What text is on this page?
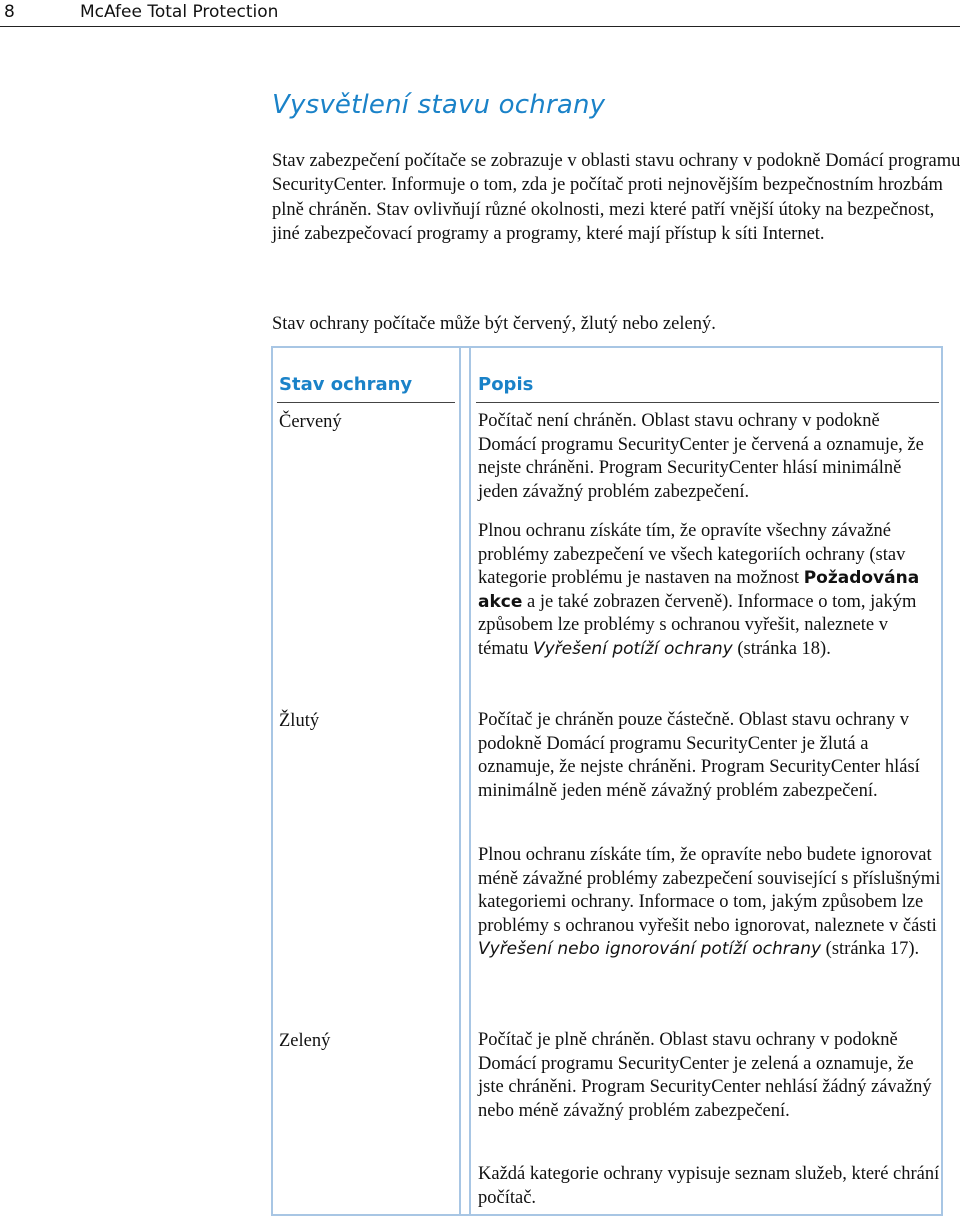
8	McAfee Total Protection
Vysvětlení stavu ochrany

Stav zabezpečení počítače se zobrazuje v oblasti stavu ochrany v podokně Domácí programu SecurityCenter. Informuje o tom, zda je počítač proti nejnovějším bezpečnostním hrozbám plně chráněn. Stav ovlivňují různé okolnosti, mezi které patří vnější útoky na bezpečnost, jiné zabezpečovací programy a programy, které mají přístup k síti Internet.

Stav ochrany počítače může být červený, žlutý nebo zelený.

Stav ochrany	Popis
Červený	Počítač není chráněn. Oblast stavu ochrany v podokně Domácí programu SecurityCenter je červená a oznamuje, že nejste chráněni. Program SecurityCenter hlásí minimálně jeden závažný problém zabezpečení.

Plnou ochranu získáte tím, že opravíte všechny závažné problémy zabezpečení ve všech kategoriích ochrany (stav kategorie problému je nastaven na možnost Požadována akce a je také zobrazen červeně). Informace o tom, jakým způsobem lze problémy s ochranou vyřešit, naleznete v tématu Vyřešení potíží ochrany (stránka 18).

Žlutý	Počítač je chráněn pouze částečně. Oblast stavu ochrany v podokně Domácí programu SecurityCenter je žlutá a oznamuje, že nejste chráněni. Program SecurityCenter hlásí minimálně jeden méně závažný problém zabezpečení.

Plnou ochranu získáte tím, že opravíte nebo budete ignorovat méně závažné problémy zabezpečení související s příslušnými kategoriemi ochrany. Informace o tom, jakým způsobem lze problémy s ochranou vyřešit nebo ignorovat, naleznete v části Vyřešení nebo ignorování potíží ochrany (stránka 17).

Zelený	Počítač je plně chráněn. Oblast stavu ochrany v podokně Domácí programu SecurityCenter je zelená a oznamuje, že jste chráněni. Program SecurityCenter nehlásí žádný závažný nebo méně závažný problém zabezpečení.

Každá kategorie ochrany vypisuje seznam služeb, které chrání počítač.
